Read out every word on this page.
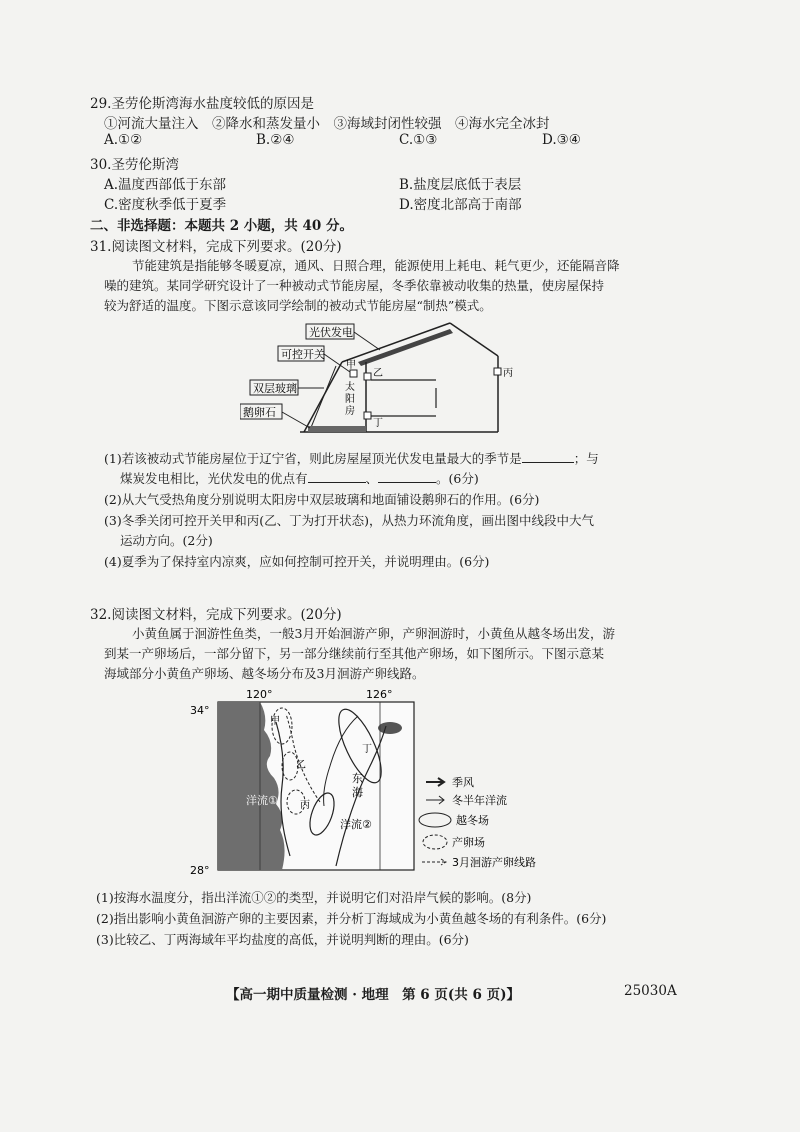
29.圣劳伦斯湾海水盐度较低的原因是
①河流大量注入　②降水和蒸发量小　③海域封闭性较强　④海水完全冰封
A.①②	B.②④	C.①③	D.③④
30.圣劳伦斯湾
A.温度西部低于东部	B.盐度层底低于表层
C.密度秋季低于夏季	D.密度北部高于南部
二、非选择题：本题共 2 小题，共 40 分。
31.阅读图文材料，完成下列要求。(20分)
节能建筑是指能够冬暖夏凉，通风、日照合理，能源使用上耗电、耗气更少，还能隔音降
噪的建筑。某同学研究设计了一种被动式节能房屋，冬季依靠被动收集的热量，使房屋保持
较为舒适的温度。下图示意该同学绘制的被动式节能房屋“制热”模式。
光伏发电
可控开关
双层玻璃
鹅卵石
甲
乙
丁
丙
太
阳
房
(1)若该被动式节能房屋位于辽宁省，则此房屋屋顶光伏发电量最大的季节是	；与
煤炭发电相比，光伏发电的优点有	、	。(6分)
(2)从大气受热角度分别说明太阳房中双层玻璃和地面铺设鹅卵石的作用。(6分)
(3)冬季关闭可控开关甲和丙(乙、丁为打开状态)，从热力环流角度，画出图中线段中大气
运动方向。(2分)
(4)夏季为了保持室内凉爽，应如何控制可控开关，并说明理由。(6分)
32.阅读图文材料，完成下列要求。(20分)
小黄鱼属于洄游性鱼类，一般3月开始洄游产卵，产卵洄游时，小黄鱼从越冬场出发，游
到某一产卵场后，一部分留下，另一部分继续前行至其他产卵场，如下图所示。下图示意某
海域部分小黄鱼产卵场、越冬场分布及3月洄游产卵线路。
120°	126°
34°
28°
甲
乙
丙
丁
洋流①
洋流②
东
海
季风
冬半年洋流
越冬场
产卵场
3月洄游产卵线路
(1)按海水温度分，指出洋流①②的类型，并说明它们对沿岸气候的影响。(8分)
(2)指出影响小黄鱼洄游产卵的主要因素，并分析丁海域成为小黄鱼越冬场的有利条件。(6分)
(3)比较乙、丁两海域年平均盐度的高低，并说明判断的理由。(6分)
【高一期中质量检测 · 地理　第 6 页(共 6 页)】	25030A
